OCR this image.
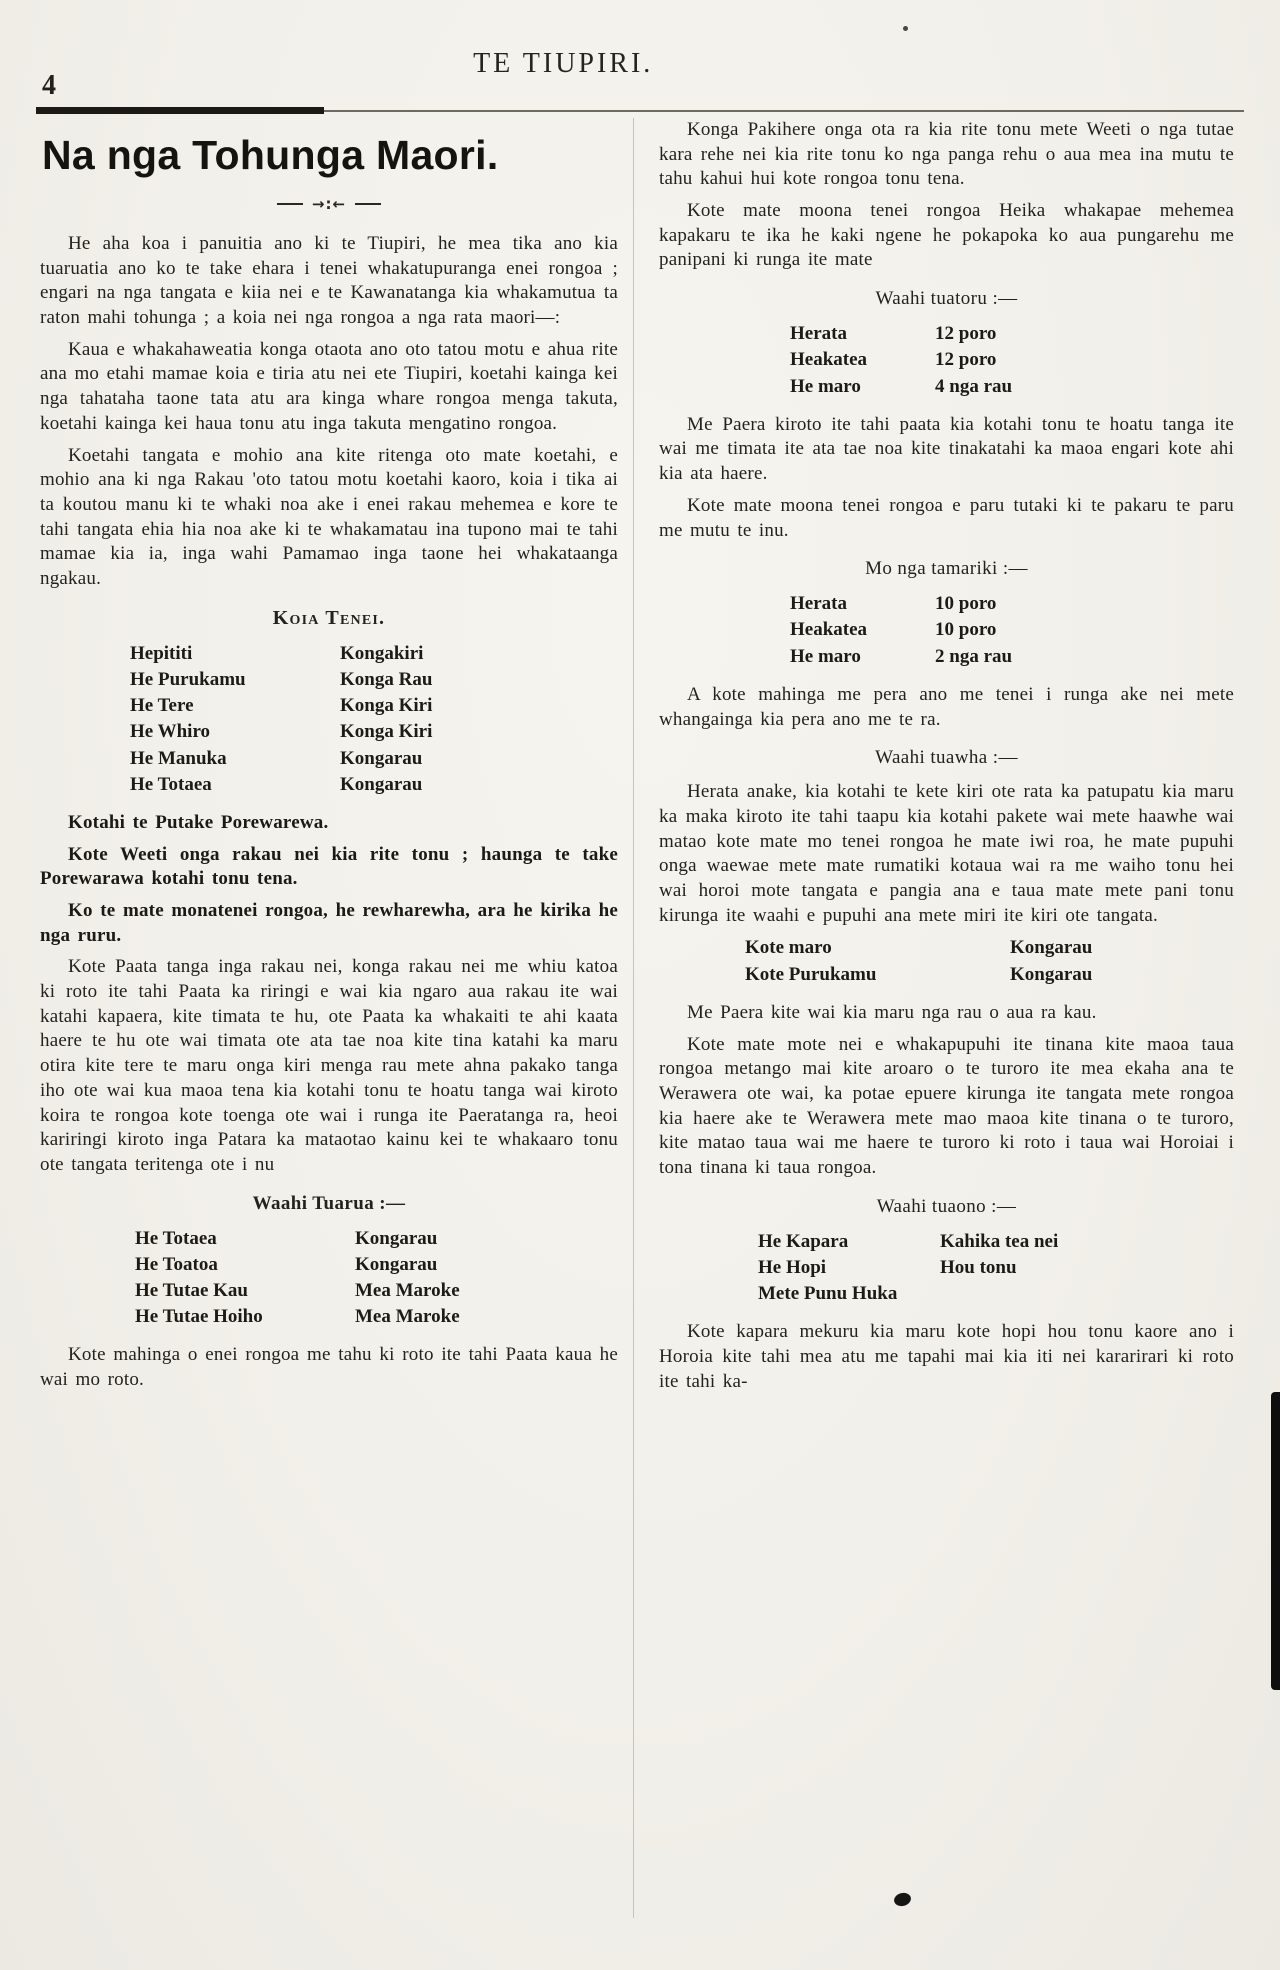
4
TE TIUPIRI.
Na nga Tohunga Maori.
→:←

He aha koa i panuitia ano ki te Tiupiri, he mea tika ano kia tuaruatia ano ko te take ehara i tenei whakatupuranga enei rongoa ; engari na nga tangata e kiia nei e te Kawanatanga kia whakamutua ta raton mahi tohunga ; a koia nei nga rongoa a nga rata maori—:

Kaua e whakahaweatia konga otaota ano oto tatou motu e ahua rite ana mo etahi mamae koia e tiria atu nei ete Tiupiri, koetahi kainga kei nga tahataha taone tata atu ara kinga whare rongoa menga takuta, koetahi kainga kei haua tonu atu inga takuta mengatino rongoa.

Koetahi tangata e mohio ana kite ritenga oto mate koetahi, e mohio ana ki nga Rakau 'oto tatou motu koetahi kaoro, koia i tika ai ta koutou manu ki te whaki noa ake i enei rakau mehemea e kore te tahi tangata ehia hia noa ake ki te whakamatau ina tupono mai te tahi mamae kia ia, inga wahi Pamamao inga taone hei whakataanga ngakau.

Koia Tenei.
Hepititi	Kongakiri
He Purukamu	Konga Rau
He Tere	Konga Kiri
He Whiro	Konga Kiri
He Manuka	Kongarau
He Totaea	Kongarau

Kotahi te Putake Porewarewa.

Kote Weeti onga rakau nei kia rite tonu ; haunga te take Porewarawa kotahi tonu tena.

Ko te mate monatenei rongoa, he rewharewha, ara he kirika he nga ruru.

Kote Paata tanga inga rakau nei, konga rakau nei me whiu katoa ki roto ite tahi Paata ka riringi e wai kia ngaro aua rakau ite wai katahi kapaera, kite timata te hu, ote Paata ka whakaiti te ahi kaata haere te hu ote wai timata ote ata tae noa kite tina katahi ka maru otira kite tere te maru onga kiri menga rau mete ahna pakako tanga iho ote wai kua maoa tena kia kotahi tonu te hoatu tanga wai kiroto koira te rongoa kote toenga ote wai i runga ite Paeratanga ra, heoi kariringi kiroto inga Patara ka mataotao kainu kei te whakaaro tonu ote tangata teritenga ote i nu

Waahi Tuarua :—
He Totaea	Kongarau
He Toatoa	Kongarau
He Tutae Kau	Mea Maroke
He Tutae Hoiho	Mea Maroke

Kote mahinga o enei rongoa me tahu ki roto ite tahi Paata kaua he wai mo roto.

Konga Pakihere onga ota ra kia rite tonu mete Weeti o nga tutae kara rehe nei kia rite tonu ko nga panga rehu o aua mea ina mutu te tahu kahui hui kote rongoa tonu tena.

Kote mate moona tenei rongoa Heika whakapae mehemea kapakaru te ika he kaki ngene he pokapoka ko aua pungarehu me panipani ki runga ite mate

Waahi tuatoru :—
Herata	12 poro
Heakatea	12 poro
He maro	4 nga rau

Me Paera kiroto ite tahi paata kia kotahi tonu te hoatu tanga ite wai me timata ite ata tae noa kite tinakatahi ka maoa engari kote ahi kia ata haere.

Kote mate moona tenei rongoa e paru tutaki ki te pakaru te paru me mutu te inu.

Mo nga tamariki :—
Herata	10 poro
Heakatea	10 poro
He maro	2 nga rau

A kote mahinga me pera ano me tenei i runga ake nei mete whangainga kia pera ano me te ra.

Waahi tuawha :—

Herata anake, kia kotahi te kete kiri ote rata ka patupatu kia maru ka maka kiroto ite tahi taapu kia kotahi pakete wai mete haawhe wai matao kote mate mo tenei rongoa he mate iwi roa, he mate pupuhi onga waewae mete mate rumatiki kotaua wai ra me waiho tonu hei wai horoi mote tangata e pangia ana e taua mate mete pani tonu kirunga ite waahi e pupuhi ana mete miri ite kiri ote tangata.

Kote maro	Kongarau
Kote Purukamu	Kongarau

Me Paera kite wai kia maru nga rau o aua ra kau.

Kote mate mote nei e whakapupuhi ite tinana kite maoa taua rongoa metango mai kite aroaro o te turoro ite mea ekaha ana te Werawera ote wai, ka potae epuere kirunga ite tangata mete rongoa kia haere ake te Werawera mete mao maoa kite tinana o te turoro, kite matao taua wai me haere te turoro ki roto i taua wai Horoiai i tona tinana ki taua rongoa.

Waahi tuaono :—
He Kapara	Kahika tea nei
He Hopi	Hou tonu
Mete Punu Huka

Kote kapara mekuru kia maru kote hopi hou tonu kaore ano i Horoia kite tahi mea atu me tapahi mai kia iti nei kararirari ki roto ite tahi ka-
